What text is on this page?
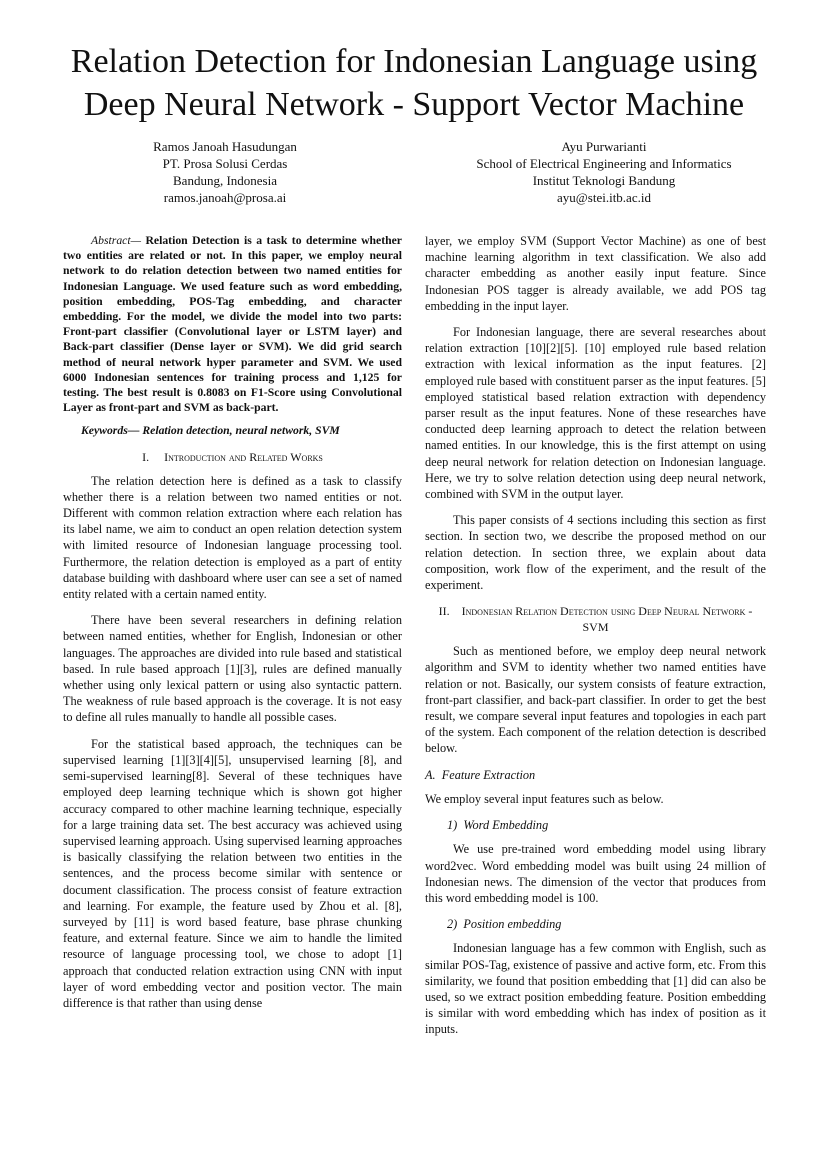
Relation Detection for Indonesian Language using Deep Neural Network - Support Vector Machine
Ramos Janoah Hasudungan
PT. Prosa Solusi Cerdas
Bandung, Indonesia
ramos.janoah@prosa.ai
Ayu Purwarianti
School of Electrical Engineering and Informatics
Institut Teknologi Bandung
ayu@stei.itb.ac.id

Abstract— Relation Detection is a task to determine whether two entities are related or not. In this paper, we employ neural network to do relation detection between two named entities for Indonesian Language. We used feature such as word embedding, position embedding, POS-Tag embedding, and character embedding. For the model, we divide the model into two parts: Front-part classifier (Convolutional layer or LSTM layer) and Back-part classifier (Dense layer or SVM). We did grid search method of neural network hyper parameter and SVM. We used 6000 Indonesian sentences for training process and 1,125 for testing. The best result is 0.8083 on F1-Score using Convolutional Layer as front-part and SVM as back-part.

Keywords— Relation detection, neural network, SVM

I. Introduction and Related Works

The relation detection here is defined as a task to classify whether there is a relation between two named entities or not. Different with common relation extraction where each relation has its label name, we aim to conduct an open relation detection system with limited resource of Indonesian language processing tool. Furthermore, the relation detection is employed as a part of entity database building with dashboard where user can see a set of named entity related with a certain named entity.

There have been several researchers in defining relation between named entities, whether for English, Indonesian or other languages. The approaches are divided into rule based and statistical based. In rule based approach [1][3], rules are defined manually whether using only lexical pattern or using also syntactic pattern. The weakness of rule based approach is the coverage. It is not easy to define all rules manually to handle all possible cases.

For the statistical based approach, the techniques can be supervised learning [1][3][4][5], unsupervised learning [8], and semi-supervised learning[8]. Several of these techniques have employed deep learning technique which is shown got higher accuracy compared to other machine learning technique, especially for a large training data set. The best accuracy was achieved using supervised learning approach. Using supervised learning approaches is basically classifying the relation between two entities in the sentences, and the process become similar with sentence or document classification. The process consist of feature extraction and learning. For example, the feature used by Zhou et al. [8], surveyed by [11] is word based feature, base phrase chunking feature, and external feature. Since we aim to handle the limited resource of language processing tool, we chose to adopt [1] approach that conducted relation extraction using CNN with input layer of word embedding vector and position vector. The main difference is that rather than using dense

layer, we employ SVM (Support Vector Machine) as one of best machine learning algorithm in text classification. We also add character embedding as another easily input feature. Since Indonesian POS tagger is already available, we add POS tag embedding in the input layer.

For Indonesian language, there are several researches about relation extraction [10][2][5]. [10] employed rule based relation extraction with lexical information as the input features. [2] employed rule based with constituent parser as the input features. [5] employed statistical based relation extraction with dependency parser result as the input features. None of these researches have conducted deep learning approach to detect the relation between named entities. In our knowledge, this is the first attempt on using deep neural network for relation detection on Indonesian language. Here, we try to solve relation detection using deep neural network, combined with SVM in the output layer.

This paper consists of 4 sections including this section as first section. In section two, we describe the proposed method on our relation detection. In section three, we explain about data composition, work flow of the experiment, and the result of the experiment.

II. Indonesian Relation Detection using Deep Neural Network - SVM

Such as mentioned before, we employ deep neural network algorithm and SVM to identity whether two named entities have relation or not. Basically, our system consists of feature extraction, front-part classifier, and back-part classifier. In order to get the best result, we compare several input features and topologies in each part of the system. Each component of the relation detection is described below.

A. Feature Extraction

We employ several input features such as below.

1) Word Embedding

We use pre-trained word embedding model using library word2vec. Word embedding model was built using 24 million of Indonesian news. The dimension of the vector that produces from this word embedding model is 100.

2) Position embedding

Indonesian language has a few common with English, such as similar POS-Tag, existence of passive and active form, etc. From this similarity, we found that position embedding that [1] did can also be used, so we extract position embedding feature. Position embedding is similar with word embedding which has index of position as it inputs.
